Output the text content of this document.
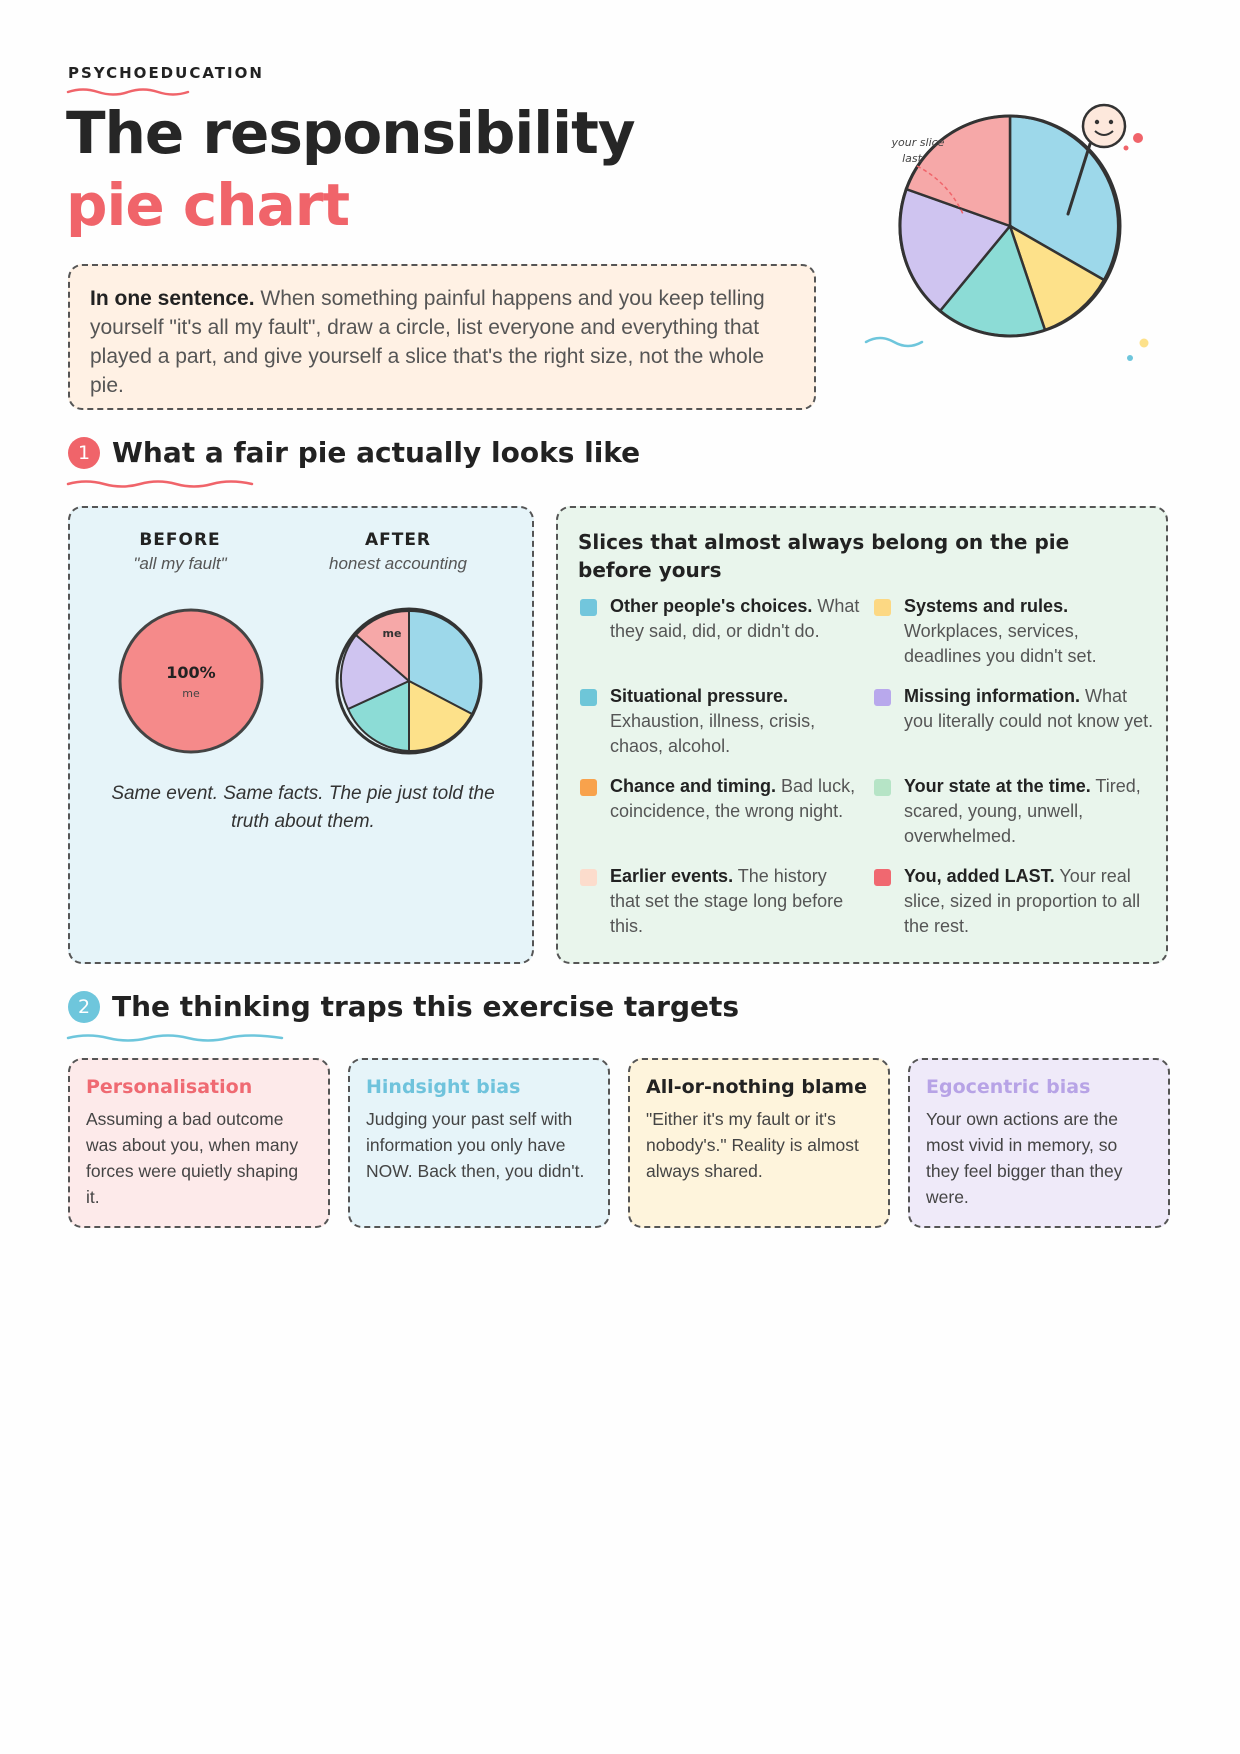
PSYCHOEDUCATION
The responsibility
pie chart
In one sentence. When something painful happens and you keep telling yourself "it's all my fault", draw a circle, list everyone and everything that played a part, and give yourself a slice that's the right size, not the whole pie.
your slice
last
1 What a fair pie actually looks like
BEFORE
"all my fault"
AFTER
honest accounting
100%
me
me
Same event. Same facts. The pie just told the truth about them.
Slices that almost always belong on the pie before yours
Other people's choices. What they said, did, or didn't do.
Systems and rules. Workplaces, services, deadlines you didn't set.
Situational pressure. Exhaustion, illness, crisis, chaos, alcohol.
Missing information. What you literally could not know yet.
Chance and timing. Bad luck, coincidence, the wrong night.
Your state at the time. Tired, scared, young, unwell, overwhelmed.
Earlier events. The history that set the stage long before this.
You, added LAST. Your real slice, sized in proportion to all the rest.
2 The thinking traps this exercise targets
Personalisation
Assuming a bad outcome was about you, when many forces were quietly shaping it.
Hindsight bias
Judging your past self with information you only have NOW. Back then, you didn't.
All-or-nothing blame
"Either it's my fault or it's nobody's." Reality is almost always shared.
Egocentric bias
Your own actions are the most vivid in memory, so they feel bigger than they were.
